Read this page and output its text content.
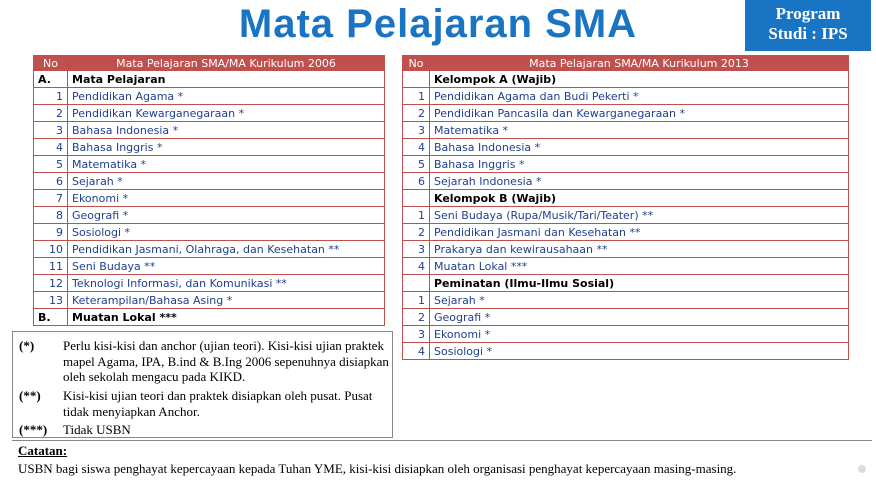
Mata Pelajaran SMA	Program
Studi : IPS
No	Mata Pelajaran SMA/MA Kurikulum 2006
A.	Mata Pelajaran
1	Pendidikan Agama *
2	Pendidikan Kewarganegaraan *
3	Bahasa Indonesia *
4	Bahasa Inggris *
5	Matematika *
6	Sejarah *
7	Ekonomi *
8	Geografi *
9	Sosiologi *
10	Pendidikan Jasmani, Olahraga, dan Kesehatan **
11	Seni Budaya **
12	Teknologi Informasi, dan Komunikasi **
13	Keterampilan/Bahasa Asing *
B.	Muatan Lokal ***
No	Mata Pelajaran SMA/MA Kurikulum 2013
	Kelompok A (Wajib)
1	Pendidikan Agama dan Budi Pekerti *
2	Pendidikan Pancasila dan Kewarganegaraan *
3	Matematika *
4	Bahasa Indonesia *
5	Bahasa Inggris *
6	Sejarah Indonesia *
	Kelompok B (Wajib)
1	Seni Budaya (Rupa/Musik/Tari/Teater) **
2	Pendidikan Jasmani dan Kesehatan **
3	Prakarya dan kewirausahaan **
4	Muatan Lokal ***
	Peminatan (Ilmu-Ilmu Sosial)
1	Sejarah *
2	Geografi *
3	Ekonomi *
4	Sosiologi *
(*) Perlu kisi-kisi dan anchor (ujian teori). Kisi-kisi ujian praktek mapel Agama, IPA, B.ind & B.Ing 2006 sepenuhnya disiapkan oleh sekolah mengacu pada KIKD.
(**) Kisi-kisi ujian teori dan praktek disiapkan oleh pusat. Pusat tidak menyiapkan Anchor.
(***) Tidak USBN
Catatan:
USBN bagi siswa penghayat kepercayaan kepada Tuhan YME, kisi-kisi disiapkan oleh organisasi penghayat kepercayaan masing-masing.
